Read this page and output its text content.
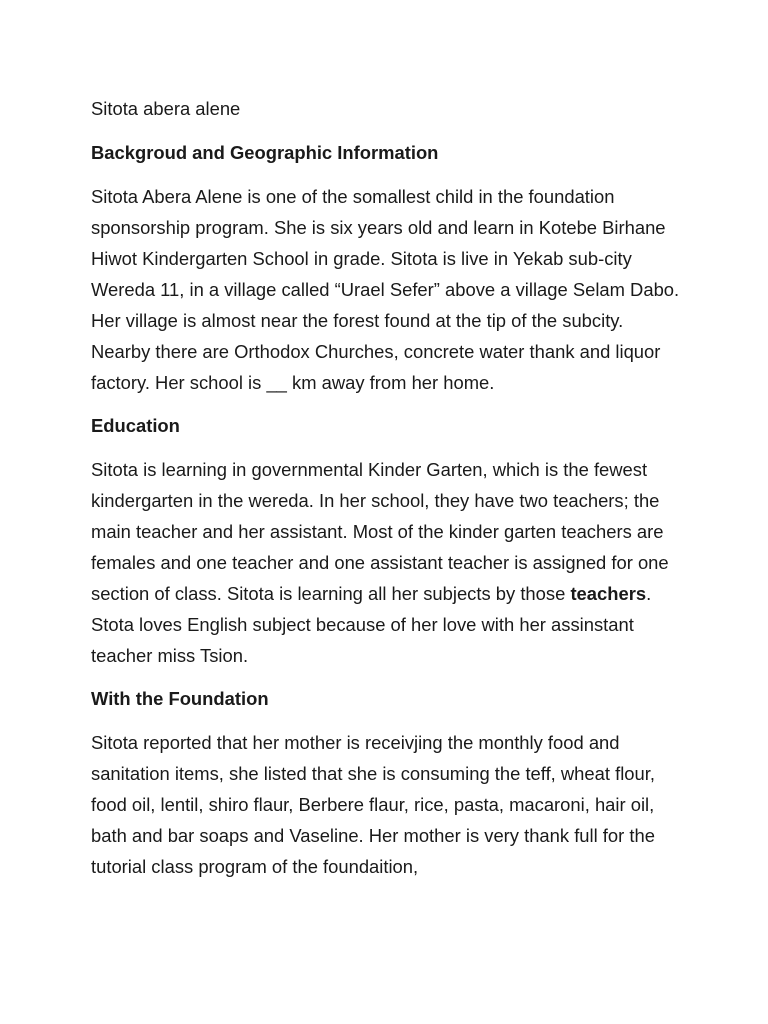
Sitota abera alene

Backgroud and Geographic Information

Sitota Abera Alene is one of the somallest child in the foundation sponsorship program. She is six years old and learn in Kotebe Birhane Hiwot Kindergarten School in grade. Sitota is live in Yekab sub-city Wereda 11, in a village called “Urael Sefer” above a village Selam Dabo. Her village is almost near the forest found at the tip of the subcity. Nearby there are Orthodox Churches, concrete water thank and liquor factory. Her school is __ km away from her home.

Education

Sitota is learning in governmental Kinder Garten, which is the fewest kindergarten in the wereda. In her school, they have two teachers; the main teacher and her assistant. Most of the kinder garten teachers are females and one teacher and one assistant teacher is assigned for one section of class. Sitota is learning all her subjects by those teachers. Stota loves English subject because of her love with her assinstant teacher miss Tsion.

With the Foundation

Sitota reported that her mother is receivjing the monthly food and sanitation items, she listed that she is consuming the teff, wheat flour, food oil, lentil, shiro flaur, Berbere flaur, rice, pasta, macaroni, hair oil, bath and bar soaps and Vaseline. Her mother is very thank full for the tutorial class program of the foundaition,
